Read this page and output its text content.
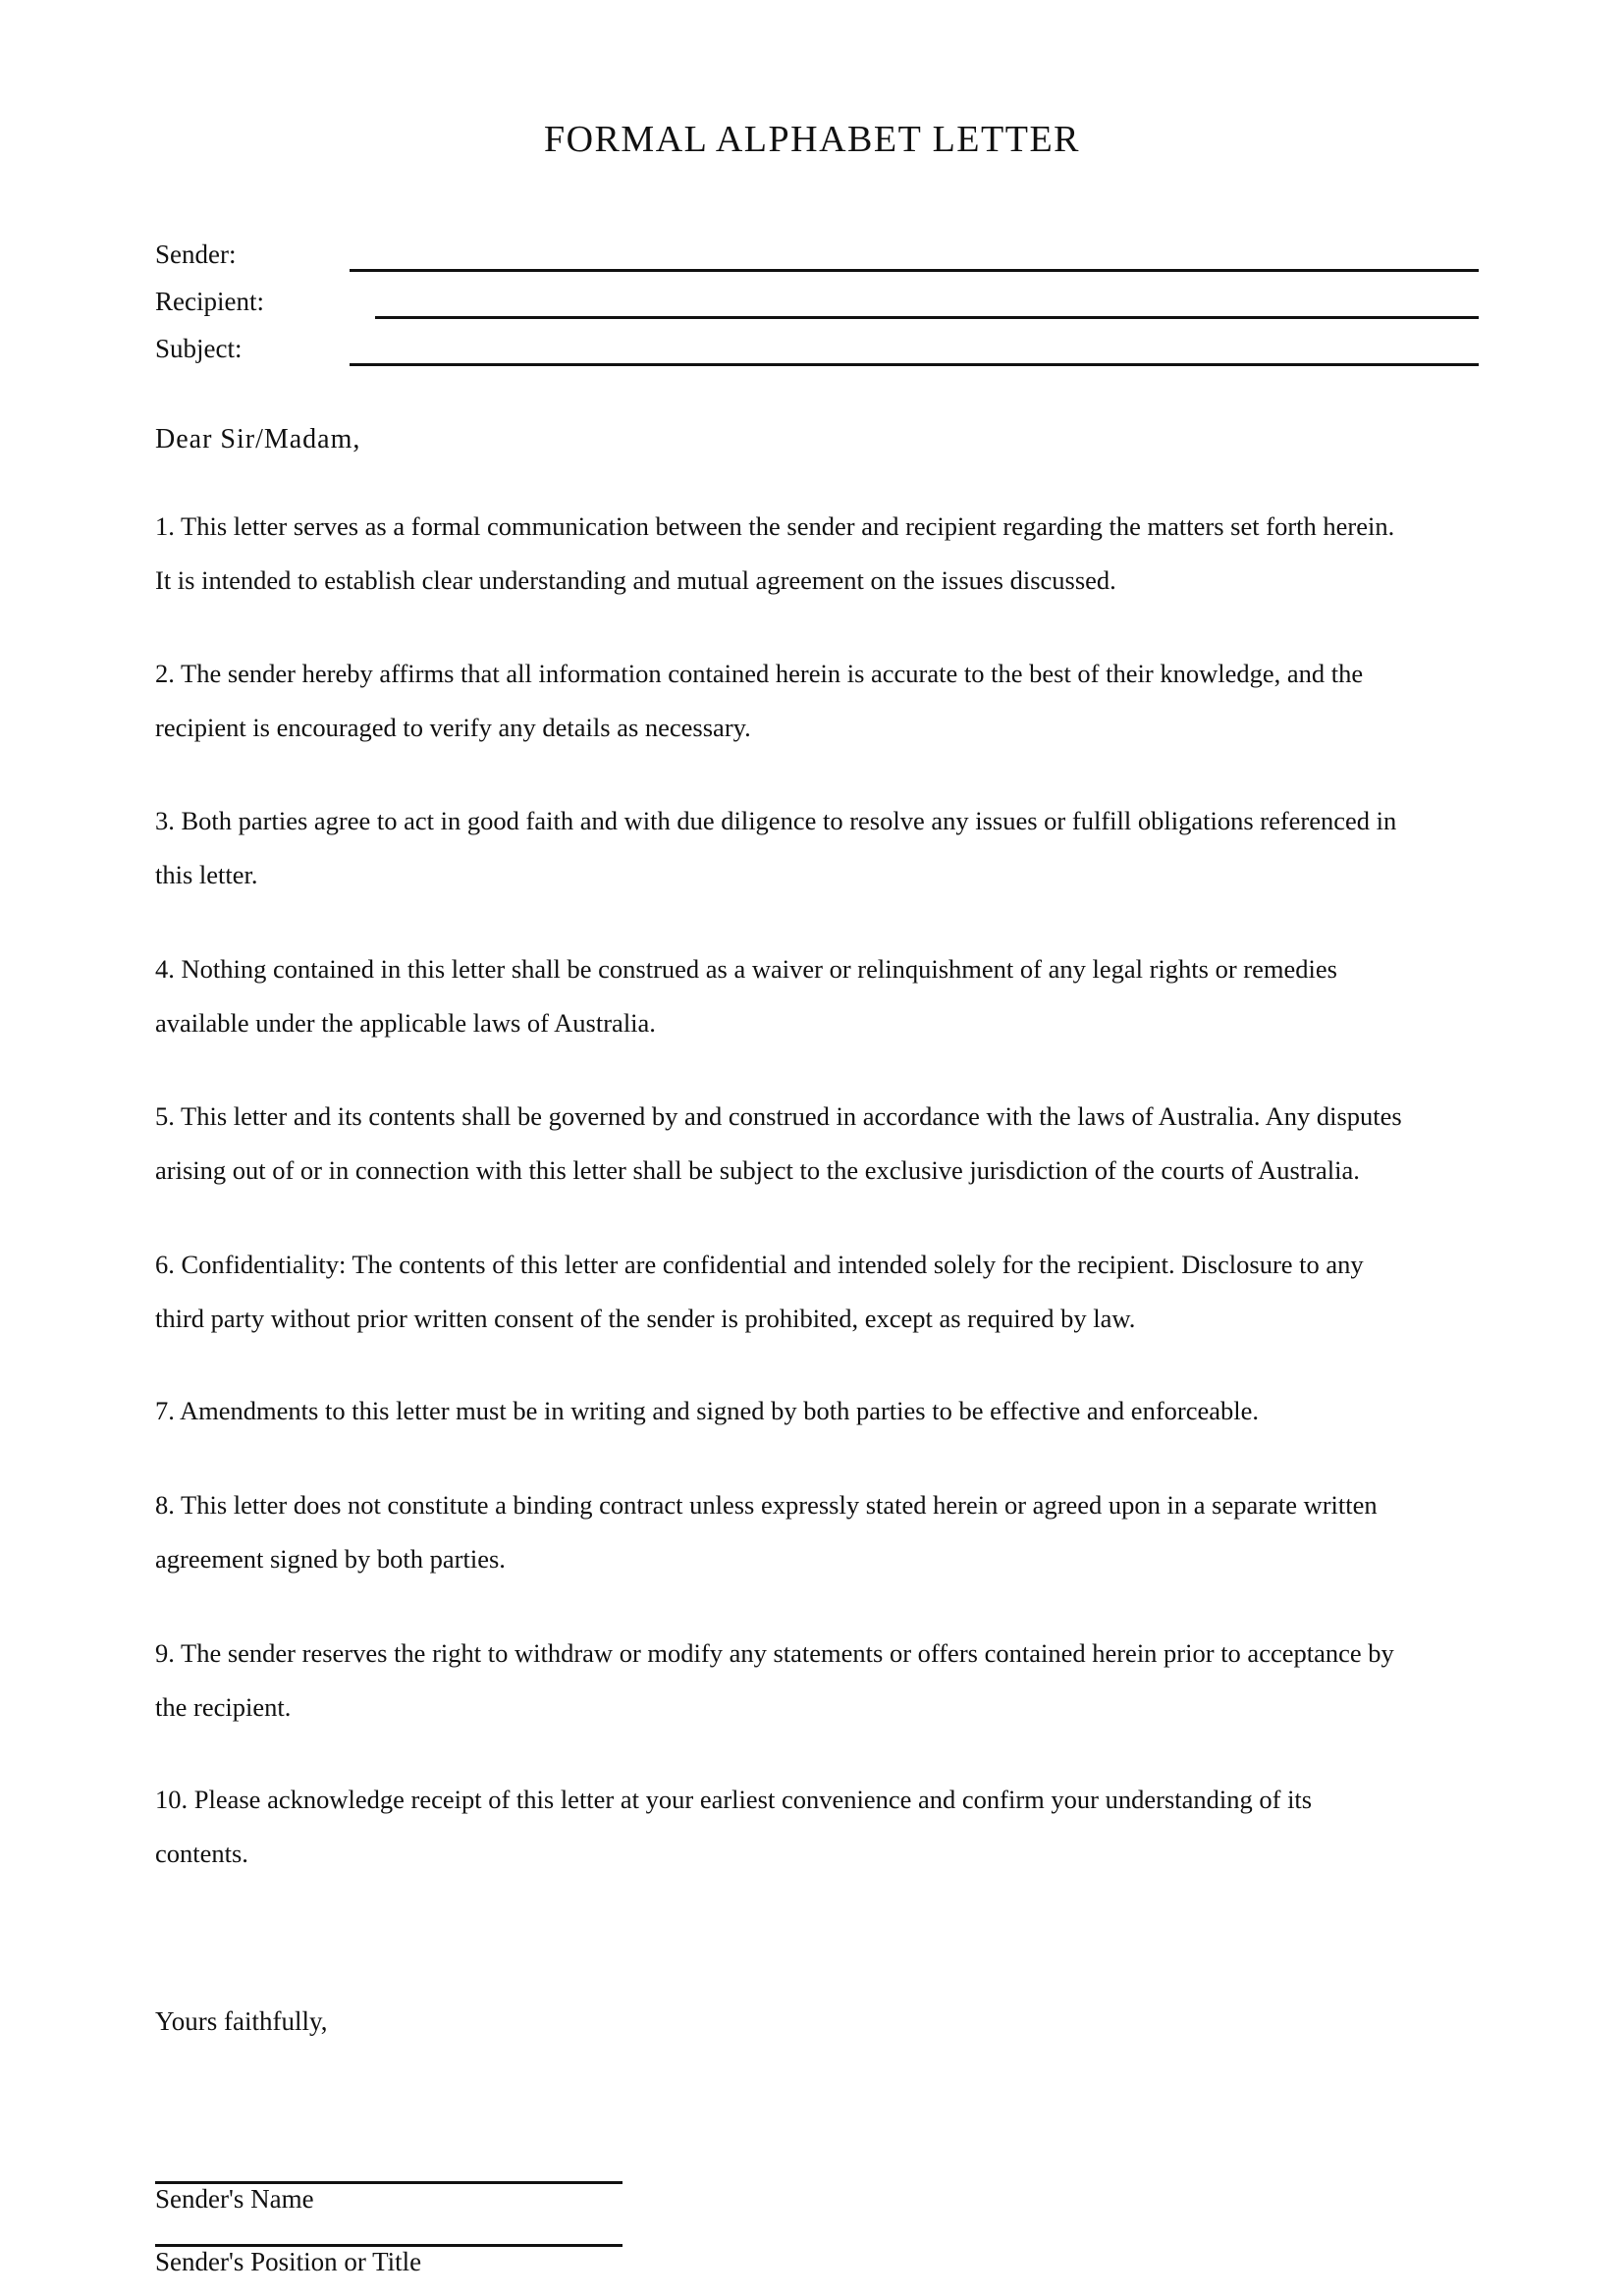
FORMAL ALPHABET LETTER
Sender:
Recipient:
Subject:
Dear Sir/Madam,
1. This letter serves as a formal communication between the sender and recipient regarding the matters set forth herein.
It is intended to establish clear understanding and mutual agreement on the issues discussed.
2. The sender hereby affirms that all information contained herein is accurate to the best of their knowledge, and the
recipient is encouraged to verify any details as necessary.
3. Both parties agree to act in good faith and with due diligence to resolve any issues or fulfill obligations referenced in
this letter.
4. Nothing contained in this letter shall be construed as a waiver or relinquishment of any legal rights or remedies
available under the applicable laws of Australia.
5. This letter and its contents shall be governed by and construed in accordance with the laws of Australia. Any disputes
arising out of or in connection with this letter shall be subject to the exclusive jurisdiction of the courts of Australia.
6. Confidentiality: The contents of this letter are confidential and intended solely for the recipient. Disclosure to any
third party without prior written consent of the sender is prohibited, except as required by law.
7. Amendments to this letter must be in writing and signed by both parties to be effective and enforceable.
8. This letter does not constitute a binding contract unless expressly stated herein or agreed upon in a separate written
agreement signed by both parties.
9. The sender reserves the right to withdraw or modify any statements or offers contained herein prior to acceptance by
the recipient.
10. Please acknowledge receipt of this letter at your earliest convenience and confirm your understanding of its
contents.
Yours faithfully,
Sender's Name
Sender's Position or Title
